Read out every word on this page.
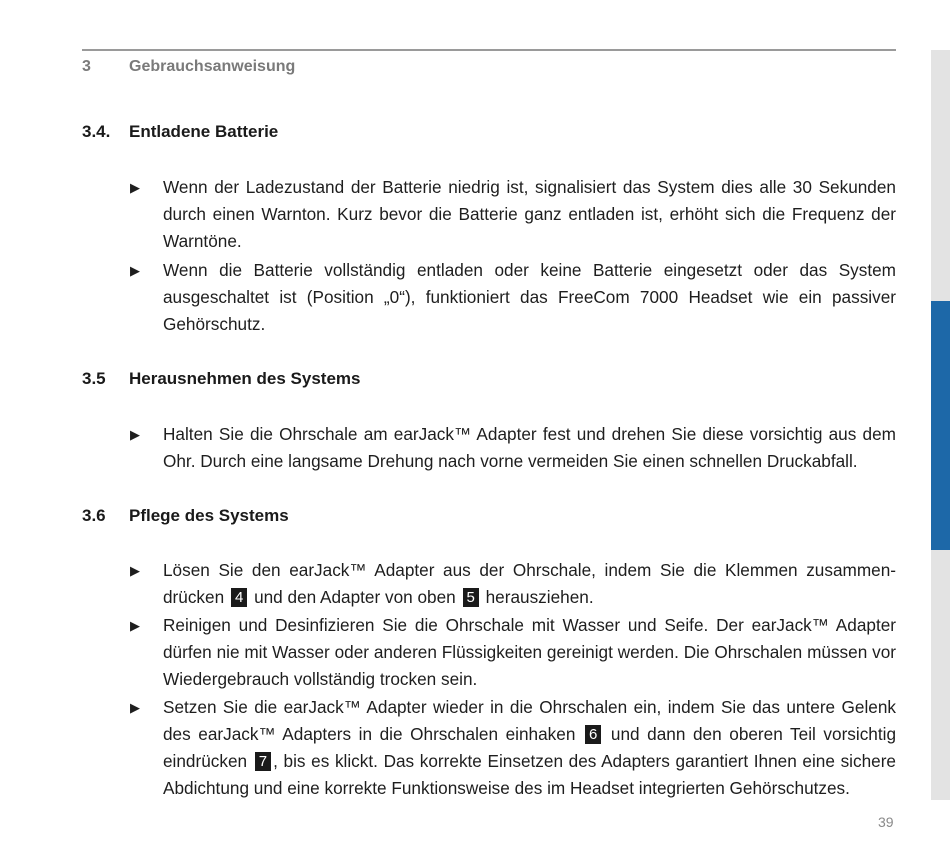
3 Gebrauchsanweisung
3.4. Entladene Batterie
▶ Wenn der Ladezustand der Batterie niedrig ist, signalisiert das System dies alle 30 Sekunden durch einen Warnton. Kurz bevor die Batterie ganz entladen ist, erhöht sich die Frequenz der Warntöne.
▶ Wenn die Batterie vollständig entladen oder keine Batterie eingesetzt oder das System ausgeschaltet ist (Position „0“), funktioniert das FreeCom 7000 Headset wie ein passiver Gehörschutz.
3.5 Herausnehmen des Systems
▶ Halten Sie die Ohrschale am earJack™ Adapter fest und drehen Sie diese vorsichtig aus dem Ohr. Durch eine langsame Drehung nach vorne vermeiden Sie einen schnellen Druckabfall.
3.6 Pflege des Systems
▶ Lösen Sie den earJack™ Adapter aus der Ohrschale, indem Sie die Klemmen zusammen-drücken 4 und den Adapter von oben 5 herausziehen.
▶ Reinigen und Desinfizieren Sie die Ohrschale mit Wasser und Seife. Der earJack™ Adapter dürfen nie mit Wasser oder anderen Flüssigkeiten gereinigt werden. Die Ohrschalen müssen vor Wiedergebrauch vollständig trocken sein.
▶ Setzen Sie die earJack™ Adapter wieder in die Ohrschalen ein, indem Sie das untere Gelenk des earJack™ Adapters in die Ohrschalen einhaken 6 und dann den oberen Teil vorsichtig eindrücken 7 , bis es klickt. Das korrekte Einsetzen des Adapters garantiert Ihnen eine sichere Abdichtung und eine korrekte Funktionsweise des im Headset integrierten Gehörschutzes.
39
